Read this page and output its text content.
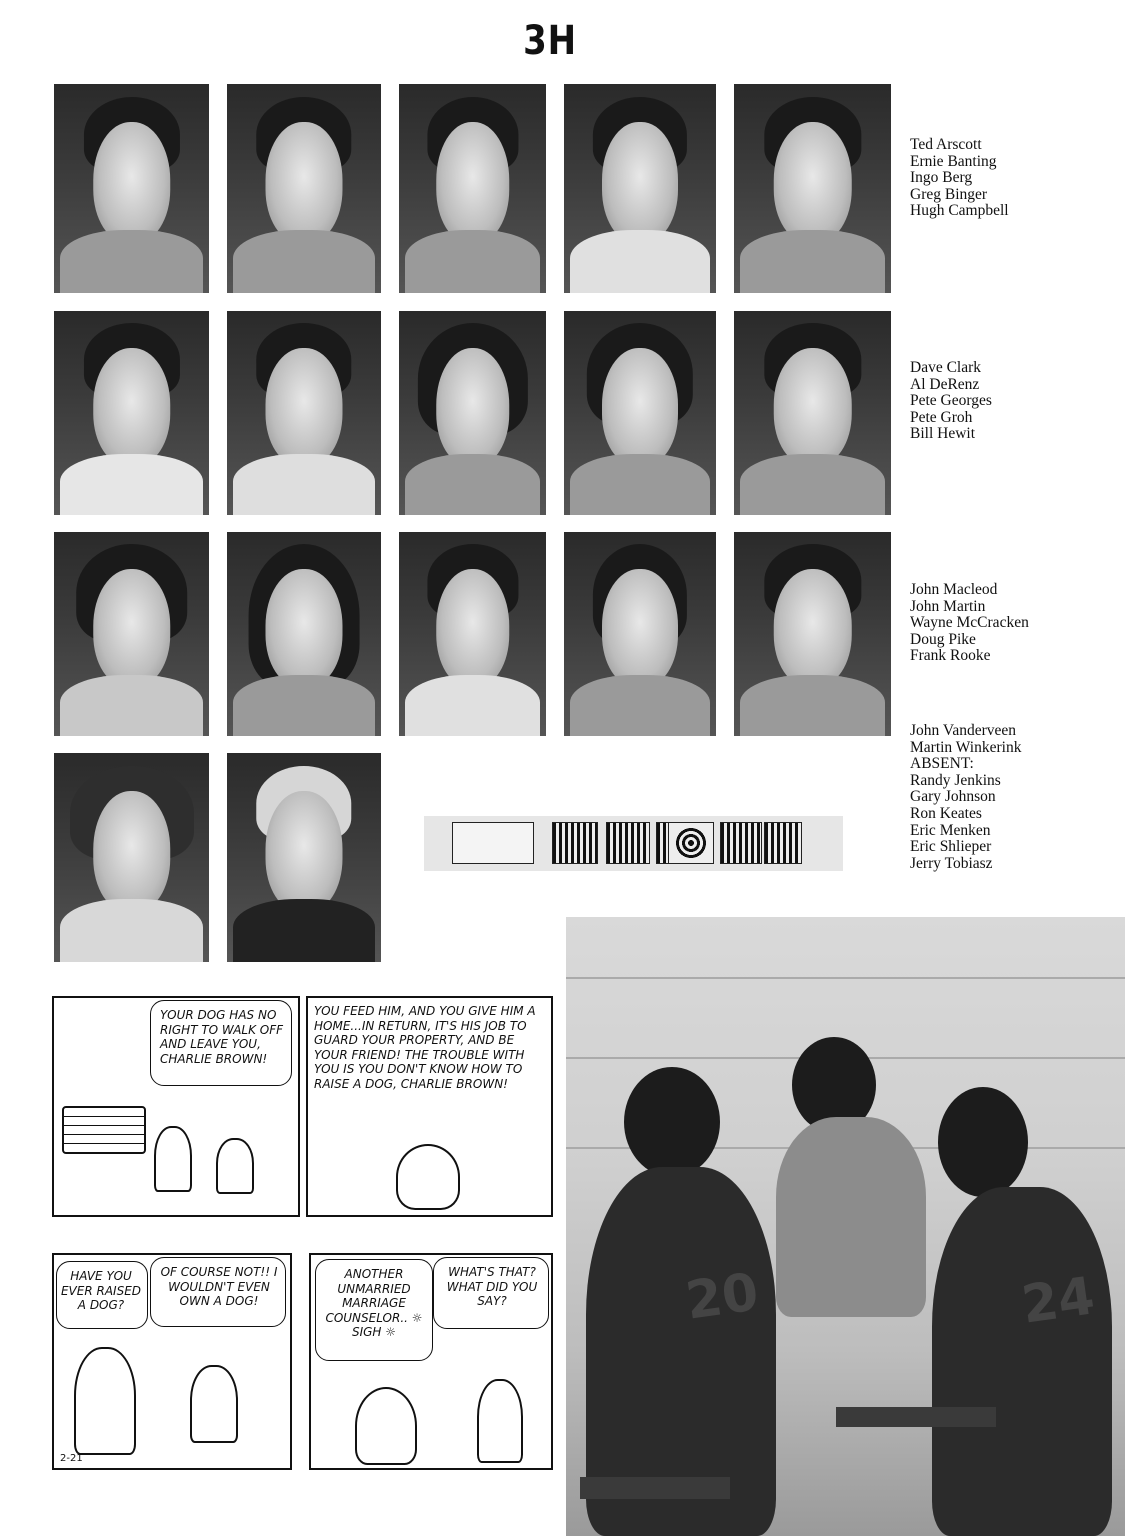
3H
Ted Arscott
Ernie Banting
Ingo Berg
Greg Binger
Hugh Campbell
Dave Clark
Al DeRenz
Pete Georges
Pete Groh
Bill Hewit
John Macleod
John Martin
Wayne McCracken
Doug Pike
Frank Rooke
John Vanderveen
Martin Winkerink
ABSENT:
Randy Jenkins
Gary Johnson
Ron Keates
Eric Menken
Eric Shlieper
Jerry Tobiasz
YOUR DOG HAS NO RIGHT TO WALK OFF AND LEAVE YOU, CHARLIE BROWN!
YOU FEED HIM, AND YOU GIVE HIM A HOME...IN RETURN, IT'S HIS JOB TO GUARD YOUR PROPERTY, AND BE YOUR FRIEND! THE TROUBLE WITH YOU IS YOU DON'T KNOW HOW TO RAISE A DOG, CHARLIE BROWN!
HAVE YOU EVER RAISED A DOG?
OF COURSE NOT!! I WOULDN'T EVEN OWN A DOG!
2-21
ANOTHER UNMARRIED MARRIAGE COUNSELOR.. ☼ SIGH ☼
WHAT'S THAT? WHAT DID YOU SAY?	20	24
